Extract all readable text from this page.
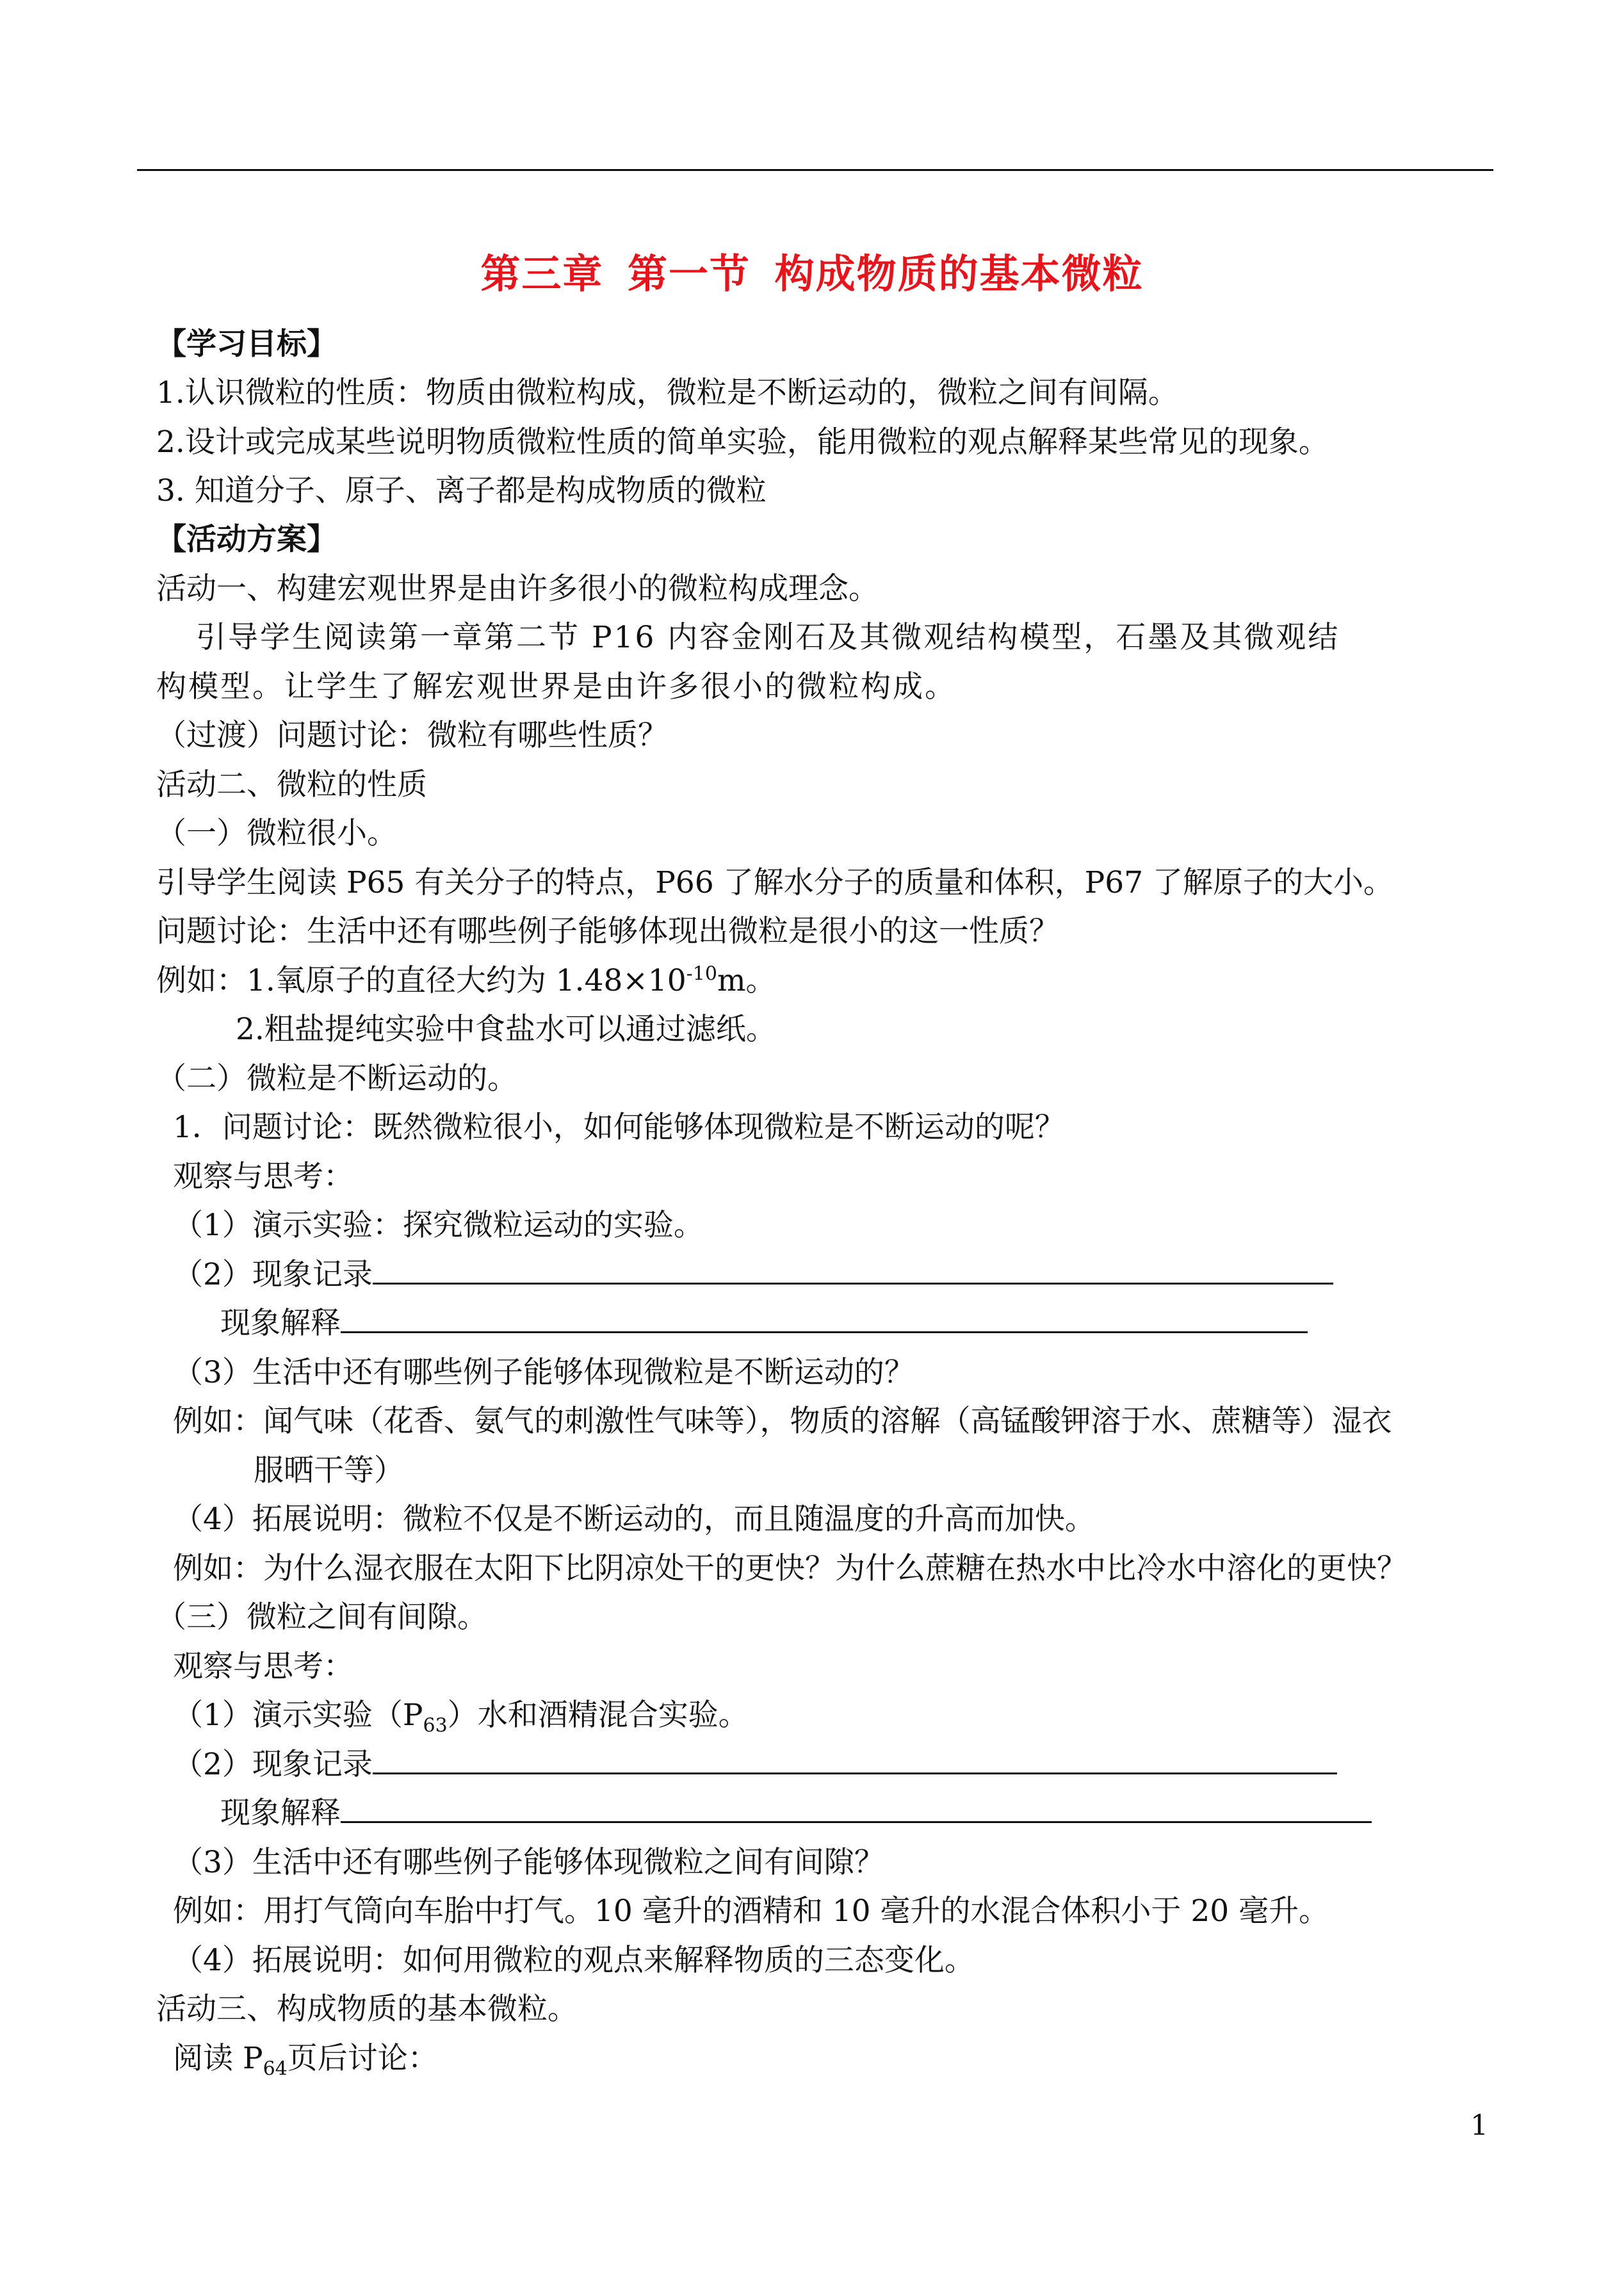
第三章 第一节 构成物质的基本微粒

【学习目标】

1.认识微粒的性质：物质由微粒构成，微粒是不断运动的，微粒之间有间隔。

2.设计或完成某些说明物质微粒性质的简单实验，能用微粒的观点解释某些常见的现象。

3. 知道分子、原子、离子都是构成物质的微粒

【活动方案】

活动一、构建宏观世界是由许多很小的微粒构成理念。

引导学生阅读第一章第二节 P16 内容金刚石及其微观结构模型，石墨及其微观结

构模型。让学生了解宏观世界是由许多很小的微粒构成。

（过渡）问题讨论：微粒有哪些性质？

活动二、微粒的性质

（一）微粒很小。

引导学生阅读 P65 有关分子的特点，P66 了解水分子的质量和体积，P67 了解原子的大小。

问题讨论：生活中还有哪些例子能够体现出微粒是很小的这一性质？

例如：1.氧原子的直径大约为 $1.48\times 10^{-10}m$。

2.粗盐提纯实验中食盐水可以通过滤纸。

（二）微粒是不断运动的。

1．问题讨论：既然微粒很小，如何能够体现微粒是不断运动的呢？

观察与思考：

（1）演示实验：探究微粒运动的实验。

（2）现象记录

现象解释

（3）生活中还有哪些例子能够体现微粒是不断运动的？

例如：闻气味（花香、氨气的刺激性气味等），物质的溶解（高锰酸钾溶于水、蔗糖等）湿衣

服晒干等）

（4）拓展说明：微粒不仅是不断运动的，而且随温度的升高而加快。

例如：为什么湿衣服在太阳下比阴凉处干的更快？为什么蔗糖在热水中比冷水中溶化的更快？

（三）微粒之间有间隙。

观察与思考：

（1）演示实验$(P_{63})$水和酒精混合实验。

（2）现象记录

现象解释

（3）生活中还有哪些例子能够体现微粒之间有间隙？

例如：用打气筒向车胎中打气。10 毫升的酒精和 10 毫升的水混合体积小于 20 毫升。

（4）拓展说明：如何用微粒的观点来解释物质的三态变化。

活动三、构成物质的基本微粒。

阅读 $P_{64}$页后讨论：

1
